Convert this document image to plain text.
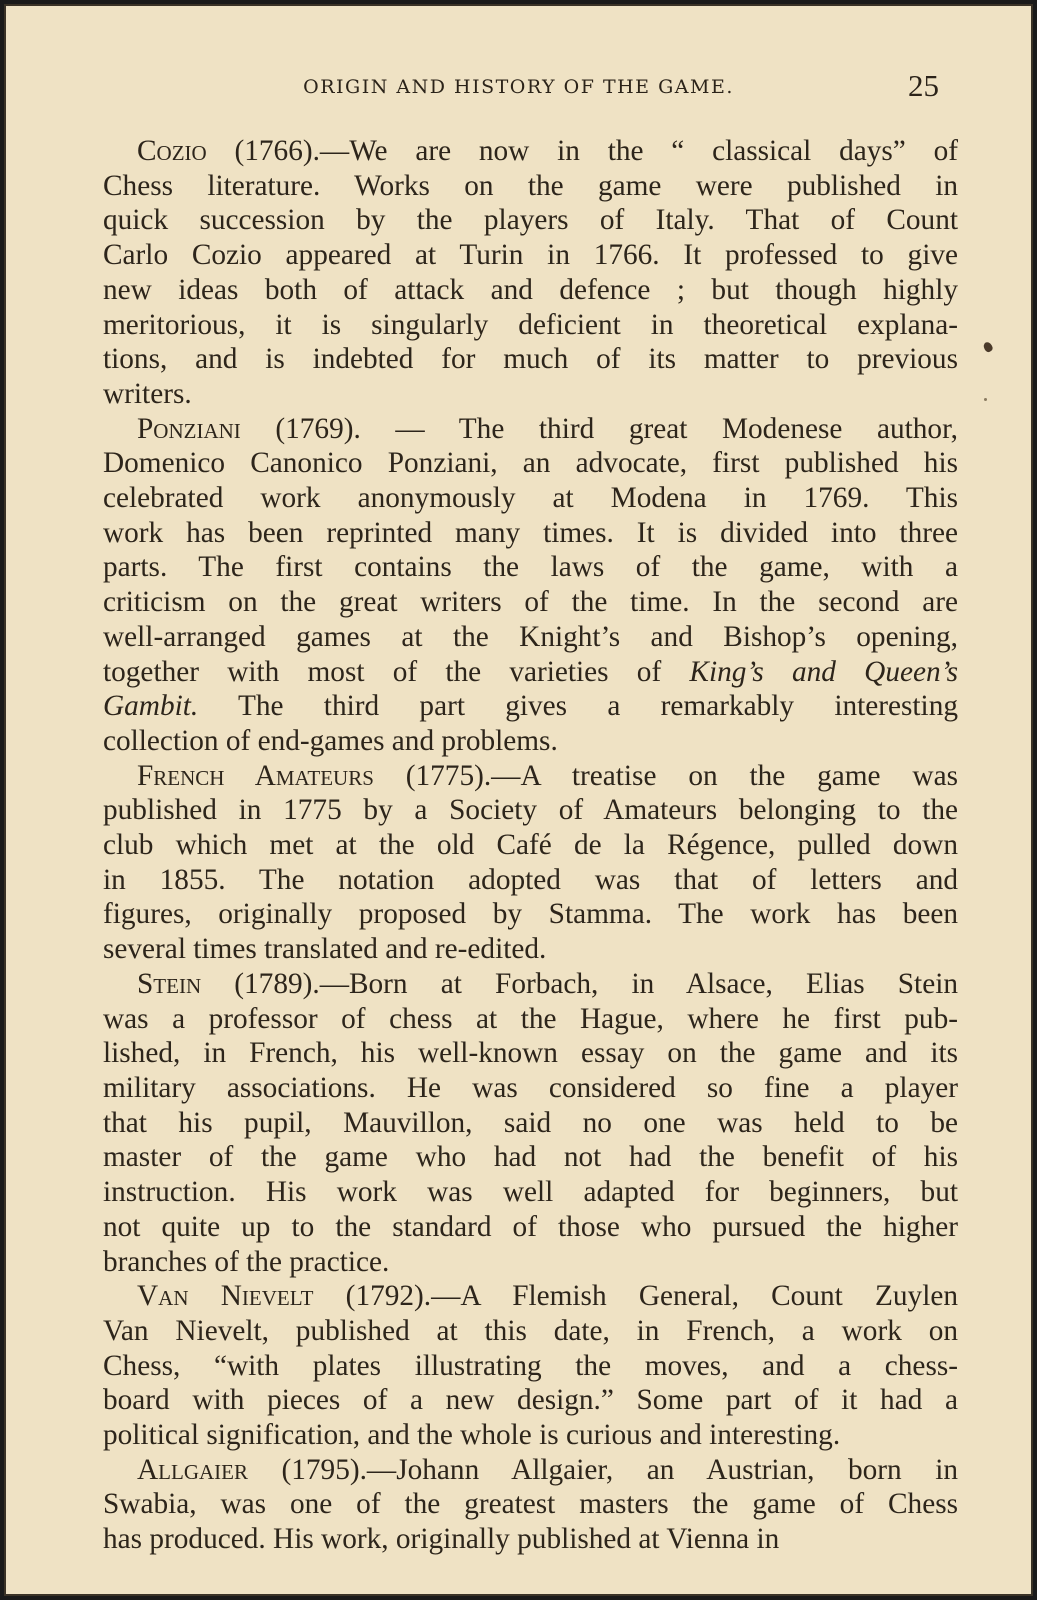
ORIGIN AND HISTORY OF THE GAME.	25
Cozio (1766).—We are now in the “ classical days” of
Chess literature. Works on the game were published in
quick succession by the players of Italy. That of Count
Carlo Cozio appeared at Turin in 1766. It professed to give
new ideas both of attack and defence ; but though highly
meritorious, it is singularly deficient in theoretical explana-
tions, and is indebted for much of its matter to previous
writers.
Ponziani (1769). — The third great Modenese author,
Domenico Canonico Ponziani, an advocate, first published his
celebrated work anonymously at Modena in 1769. This
work has been reprinted many times. It is divided into three
parts. The first contains the laws of the game, with a
criticism on the great writers of the time. In the second are
well-arranged games at the Knight’s and Bishop’s opening,
together with most of the varieties of King’s and Queen’s
Gambit. The third part gives a remarkably interesting
collection of end-games and problems.
French Amateurs (1775).—A treatise on the game was
published in 1775 by a Society of Amateurs belonging to the
club which met at the old Café de la Régence, pulled down
in 1855. The notation adopted was that of letters and
figures, originally proposed by Stamma. The work has been
several times translated and re-edited.
Stein (1789).—Born at Forbach, in Alsace, Elias Stein
was a professor of chess at the Hague, where he first pub-
lished, in French, his well-known essay on the game and its
military associations. He was considered so fine a player
that his pupil, Mauvillon, said no one was held to be
master of the game who had not had the benefit of his
instruction. His work was well adapted for beginners, but
not quite up to the standard of those who pursued the higher
branches of the practice.
Van Nievelt (1792).—A Flemish General, Count Zuylen
Van Nievelt, published at this date, in French, a work on
Chess, “with plates illustrating the moves, and a chess-
board with pieces of a new design.” Some part of it had a
political signification, and the whole is curious and interesting.
Allgaier (1795).—Johann Allgaier, an Austrian, born in
Swabia, was one of the greatest masters the game of Chess
has produced. His work, originally published at Vienna in
